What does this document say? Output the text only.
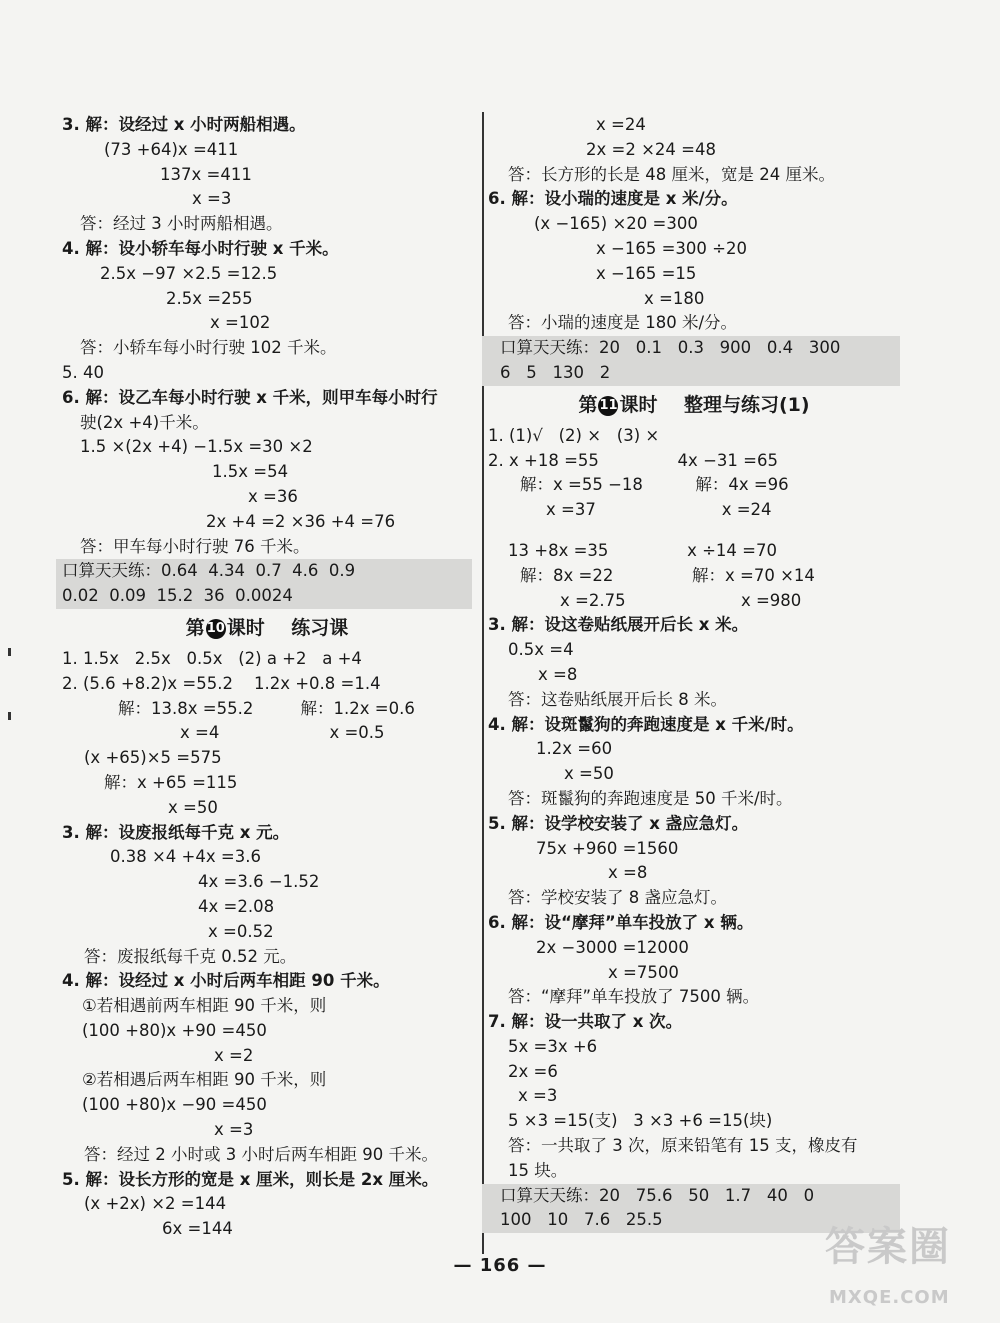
3. 解：设经过 x 小时两船相遇。
(73 +64)x =411
137x =411
x =3
答：经过 3 小时两船相遇。
4. 解：设小轿车每小时行驶 x 千米。
2.5x −97 ×2.5 =12.5
2.5x =255
x =102
答：小轿车每小时行驶 102 千米。
5. 40
6. 解：设乙车每小时行驶 x 千米，则甲车每小时行
驶(2x +4)千米。
1.5 ×(2x +4) −1.5x =30 ×2
1.5x =54
x =36
2x +4 =2 ×36 +4 =76
答：甲车每小时行驶 76 千米。
口算天天练：0.64  4.34  0.7  4.6  0.9
0.02  0.09  15.2  36  0.0024
第 10 课时    练习课
1. 1.5x   2.5x   0.5x   (2) a +2   a +4
2. (5.6 +8.2)x =55.2    1.2x +0.8 =1.4
解：13.8x =55.2         解：1.2x =0.6
x =4                     x =0.5
(x +65)×5 =575
解：x +65 =115
x =50
3. 解：设废报纸每千克 x 元。
0.38 ×4 +4x =3.6
4x =3.6 −1.52
4x =2.08
x =0.52
答：废报纸每千克 0.52 元。
4. 解：设经过 x 小时后两车相距 90 千米。
①若相遇前两车相距 90 千米，则
(100 +80)x +90 =450
x =2
②若相遇后两车相距 90 千米，则
(100 +80)x −90 =450
x =3
答：经过 2 小时或 3 小时后两车相距 90 千米。
5. 解：设长方形的宽是 x 厘米，则长是 2x 厘米。
(x +2x) ×2 =144
6x =144
x =24
2x =2 ×24 =48
答：长方形的长是 48 厘米，宽是 24 厘米。
6. 解：设小瑞的速度是 x 米/分。
(x −165) ×20 =300
x −165 =300 ÷20
x −165 =15
x =180
答：小瑞的速度是 180 米/分。
口算天天练：20   0.1   0.3   900   0.4   300
6   5   130   2
第 11 课时    整理与练习(1)
1. (1)√   (2) ×   (3) ×
2. x +18 =55               4x −31 =65
解：x =55 −18          解：4x =96
x =37                        x =24
13 +8x =35               x ÷14 =70
解：8x =22               解：x =70 ×14
x =2.75                      x =980
3. 解：设这卷贴纸展开后长 x 米。
0.5x =4
x =8
答：这卷贴纸展开后长 8 米。
4. 解：设斑鬣狗的奔跑速度是 x 千米/时。
1.2x =60
x =50
答：斑鬣狗的奔跑速度是 50 千米/时。
5. 解：设学校安装了 x 盏应急灯。
75x +960 =1560
x =8
答：学校安装了 8 盏应急灯。
6. 解：设“摩拜”单车投放了 x 辆。
2x −3000 =12000
x =7500
答：“摩拜”单车投放了 7500 辆。
7. 解：设一共取了 x 次。
5x =3x +6
2x =6
x =3
5 ×3 =15(支)   3 ×3 +6 =15(块)
答：一共取了 3 次，原来铅笔有 15 支，橡皮有
15 块。
口算天天练：20   75.6   50   1.7   40   0
100   10   7.6   25.5
— 166 —	答案圈
MXQE.COM
